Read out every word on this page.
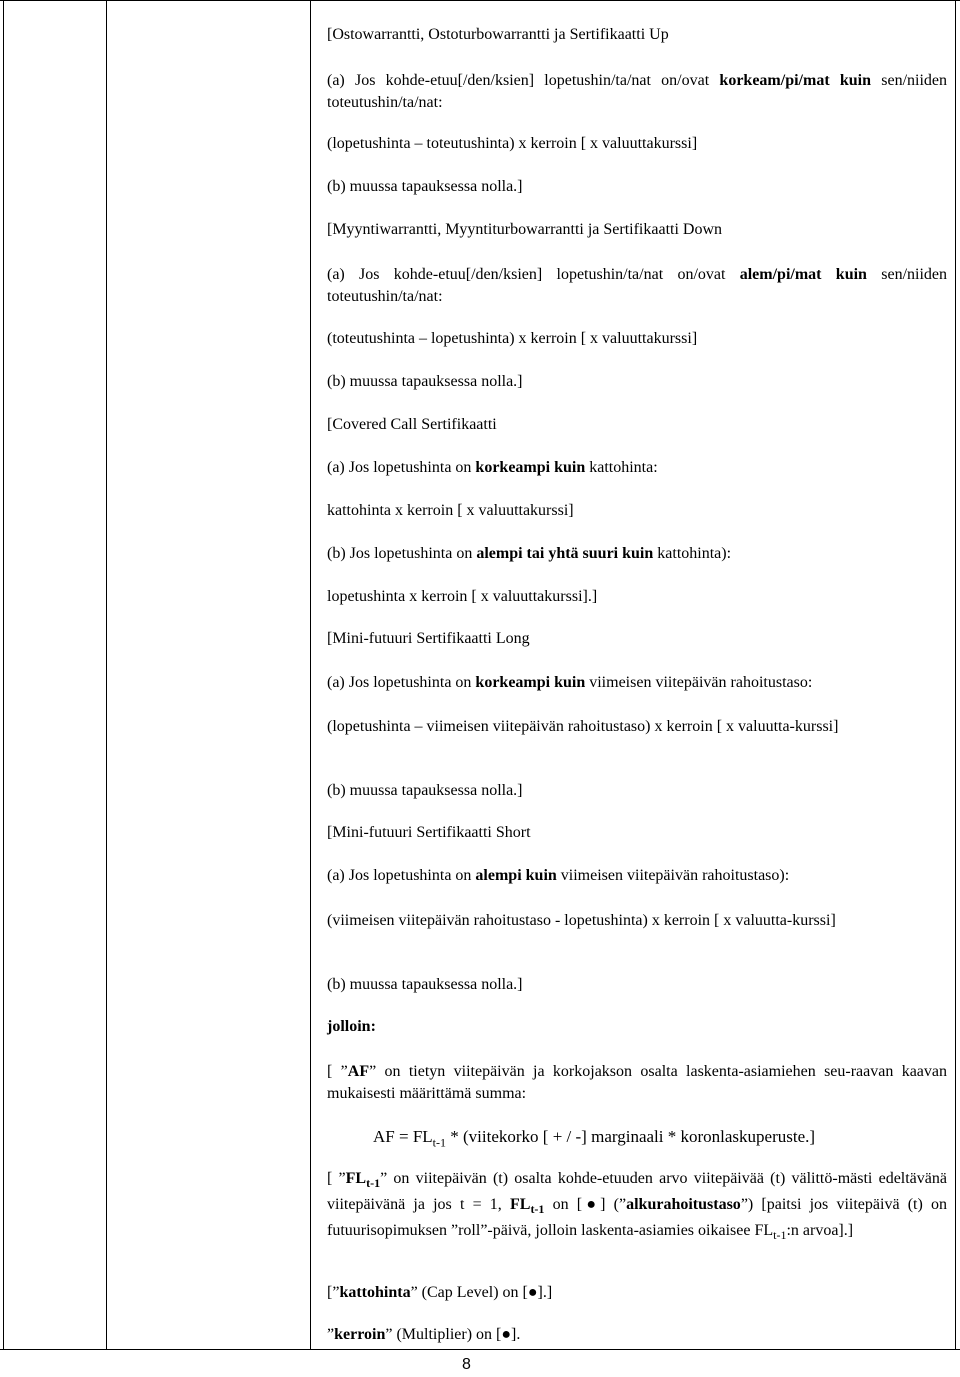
[Ostowarrantti, Ostoturbowarrantti ja Sertifikaatti Up
(a) Jos kohde-etuu[/den/ksien] lopetushin/ta/nat on/ovat korkeam/pi/mat kuin sen/niiden toteutushin/ta/nat:
(lopetushinta – toteutushinta) x kerroin [ x valuuttakurssi]
(b) muussa tapauksessa nolla.]
[Myyntiwarrantti, Myyntiturbowarrantti ja Sertifikaatti Down
(a) Jos kohde-etuu[/den/ksien] lopetushin/ta/nat on/ovat alem/pi/mat kuin sen/niiden toteutushin/ta/nat:
(toteutushinta – lopetushinta) x kerroin [ x valuuttakurssi]
(b) muussa tapauksessa nolla.]
[Covered Call Sertifikaatti
(a) Jos lopetushinta on korkeampi kuin kattohinta:
kattohinta x kerroin [ x valuuttakurssi]
(b) Jos lopetushinta on alempi tai yhtä suuri kuin kattohinta):
lopetushinta x kerroin [ x valuuttakurssi].]
[Mini-futuuri Sertifikaatti Long
(a) Jos lopetushinta on korkeampi kuin viimeisen viitepäivän rahoitustaso:
(lopetushinta – viimeisen viitepäivän rahoitustaso) x kerroin [ x valuutta-kurssi]
(b) muussa tapauksessa nolla.]
[Mini-futuuri Sertifikaatti Short
(a) Jos lopetushinta on alempi kuin viimeisen viitepäivän rahoitustaso):
(viimeisen viitepäivän rahoitustaso - lopetushinta) x kerroin [ x valuutta-kurssi]
(b) muussa tapauksessa nolla.]
jolloin:
[ ”AF” on tietyn viitepäivän ja korkojakson osalta laskenta-asiamiehen seu-raavan kaavan mukaisesti määrittämä summa:
AF = $FL_{t-1}$ * (viitekorko [ + / -] marginaali * koronlaskuperuste.]
[ $”FL_{t-1}$” on viitepäivän (t) osalta kohde-etuuden arvo viitepäivää (t) välittö-mästi edeltävänä viitepäivänä ja jos t = 1, $FL_{t-1}$ on [●] (”alkurahoitustaso”) [paitsi jos viitepäivä (t) on futuurisopimuksen ”roll”-päivä, jolloin laskenta-asiamies oikaisee $FL_{t-1}:n$ arvoa].]
[”kattohinta” (Cap Level) on [●].]
”kerroin” (Multiplier) on [●].
8
